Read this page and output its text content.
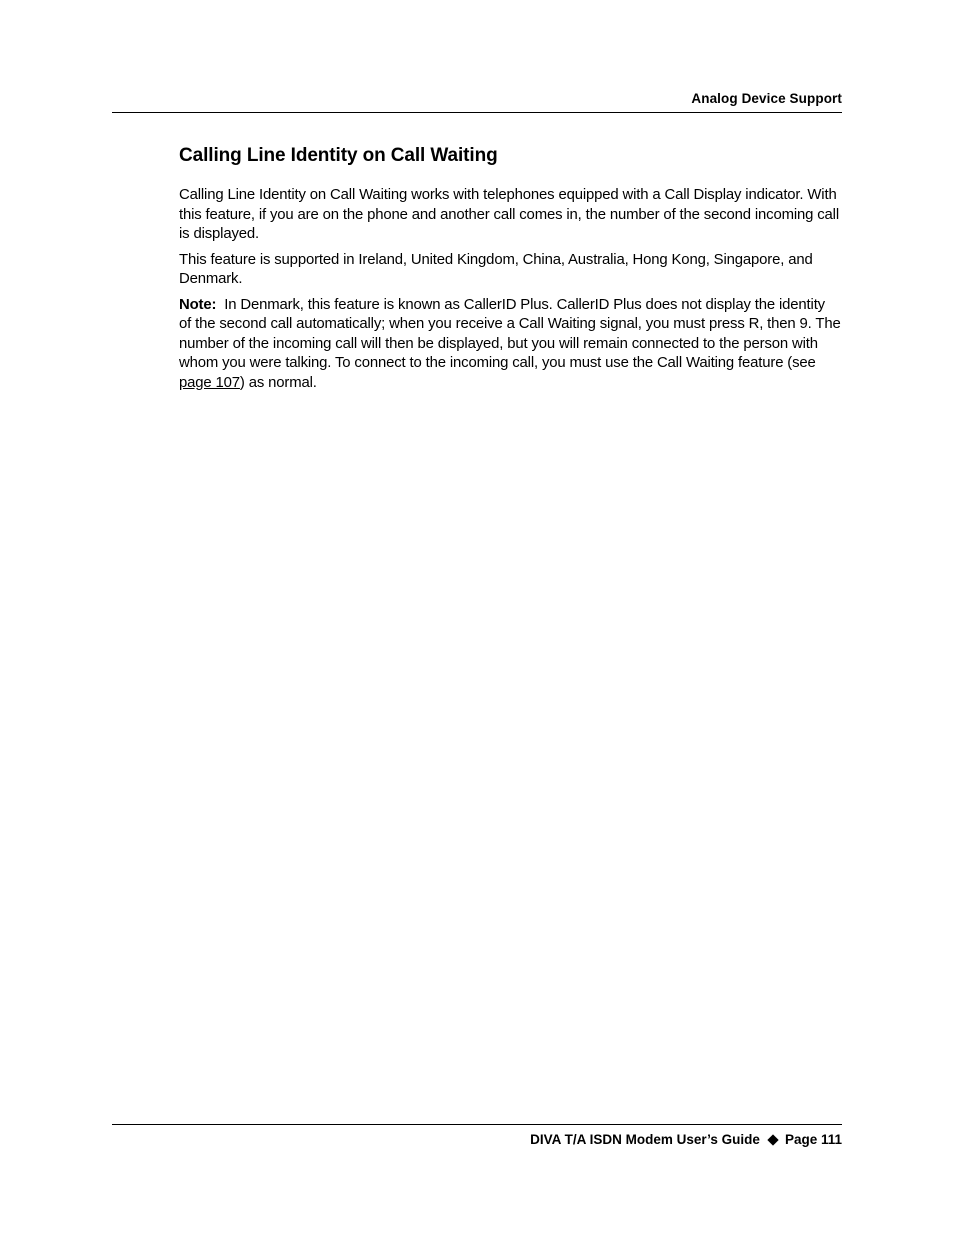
Analog Device Support
Calling Line Identity on Call Waiting

Calling Line Identity on Call Waiting works with telephones equipped with a Call Display indicator. With this feature, if you are on the phone and another call comes in, the number of the second incoming call is displayed.

This feature is supported in Ireland, United Kingdom, China, Australia, Hong Kong, Singapore, and Denmark.

Note: In Denmark, this feature is known as CallerID Plus. CallerID Plus does not display the identity of the second call automatically; when you receive a Call Waiting signal, you must press R, then 9. The number of the incoming call will then be displayed, but you will remain connected to the person with whom you were talking. To connect to the incoming call, you must use the Call Waiting feature (see page 107) as normal.

DIVA T/A ISDN Modem User’s Guide Page 111
